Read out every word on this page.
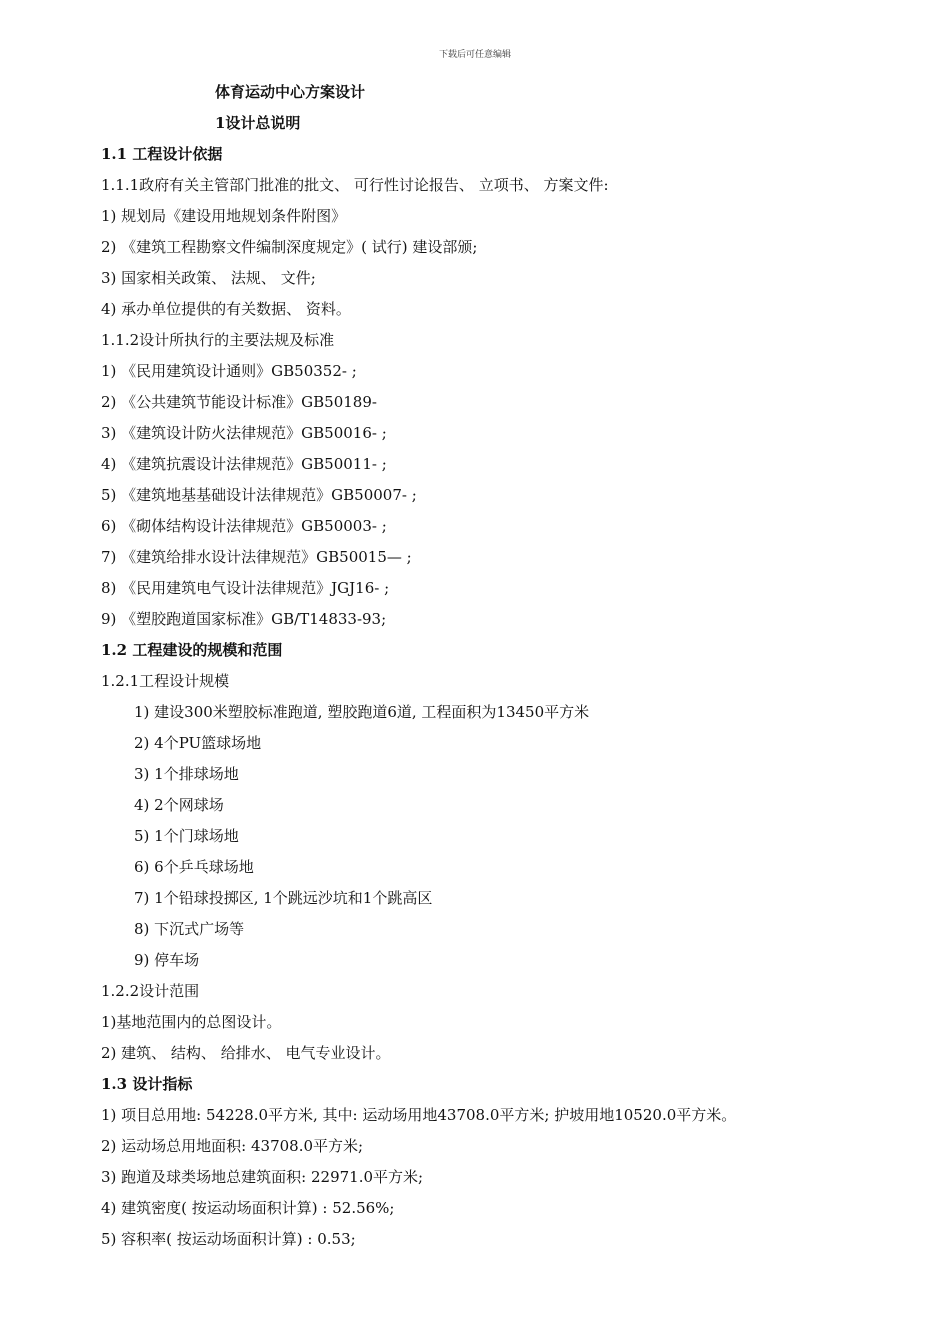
下载后可任意编辑
体育运动中心方案设计
1设计总说明
1.1 工程设计依据
1.1.1政府有关主管部门批准的批文、 可行性讨论报告、 立项书、 方案文件:
1) 规划局《建设用地规划条件附图》
2) 《建筑工程勘察文件编制深度规定》( 试行) 建设部颁;
3) 国家相关政策、 法规、 文件;
4) 承办单位提供的有关数据、 资料。
1.1.2设计所执行的主要法规及标准
1) 《民用建筑设计通则》GB50352- ;
2) 《公共建筑节能设计标准》GB50189-
3) 《建筑设计防火法律规范》GB50016- ;
4) 《建筑抗震设计法律规范》GB50011- ;
5) 《建筑地基基础设计法律规范》GB50007- ;
6) 《砌体结构设计法律规范》GB50003- ;
7) 《建筑给排水设计法律规范》GB50015— ;
8) 《民用建筑电气设计法律规范》JGJ16- ;
9) 《塑胶跑道国家标准》GB/T14833-93;
1.2 工程建设的规模和范围
1.2.1工程设计规模
1) 建设300米塑胶标准跑道, 塑胶跑道6道, 工程面积为13450平方米
2) 4个PU篮球场地
3) 1个排球场地
4) 2个网球场
5) 1个门球场地
6) 6个乒乓球场地
7) 1个铅球投掷区, 1个跳远沙坑和1个跳高区
8) 下沉式广场等
9) 停车场
1.2.2设计范围
1)基地范围内的总图设计。
2) 建筑、 结构、 给排水、 电气专业设计。
1.3 设计指标
1) 项目总用地: 54228.0平方米, 其中: 运动场用地43708.0平方米; 护坡用地10520.0平方米。
2) 运动场总用地面积: 43708.0平方米;
3) 跑道及球类场地总建筑面积: 22971.0平方米;
4) 建筑密度( 按运动场面积计算) : 52.56%;
5) 容积率( 按运动场面积计算) : 0.53;
